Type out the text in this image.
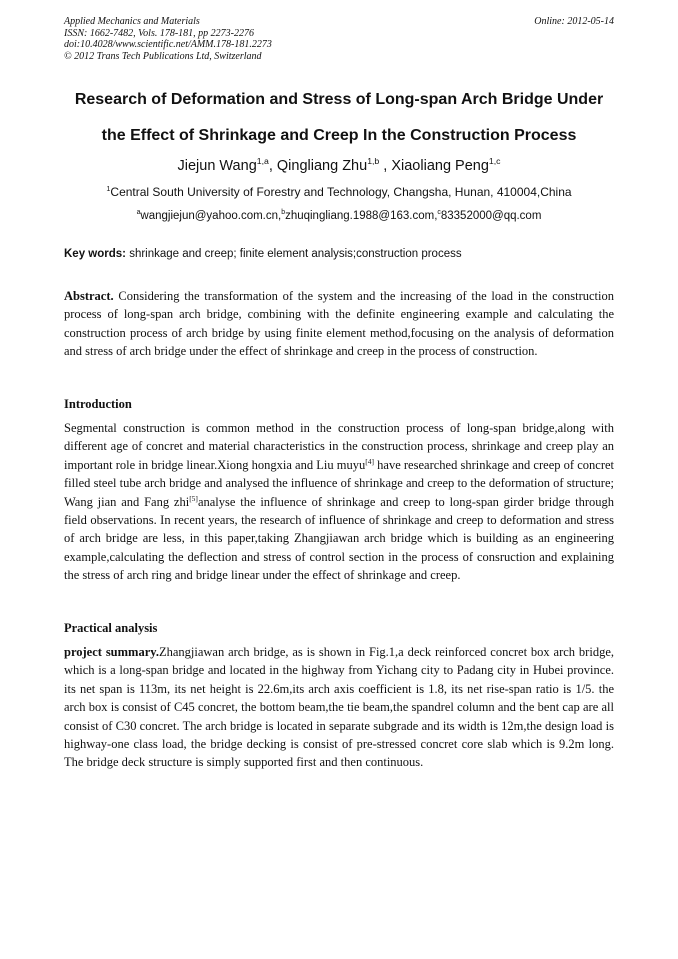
Applied Mechanics and Materials
ISSN: 1662-7482, Vols. 178-181, pp 2273-2276
doi:10.4028/www.scientific.net/AMM.178-181.2273
© 2012 Trans Tech Publications Ltd, Switzerland
Online: 2012-05-14
Research of Deformation and Stress of Long-span Arch Bridge Under
the Effect of Shrinkage and Creep In the Construction Process
Jiejun Wang$^{1,a}$, Qingliang Zhu$^{1,b}$ , Xiaoliang Peng$^{1,c}$
$^1$Central South University of Forestry and Technology, Changsha, Hunan, 410004,China
$^a$wangjiejun@yahoo.com.cn,$^b$zhuqingliang.1988@163.com,$^c$83352000@qq.com
Key words: shrinkage and creep; finite element analysis;construction process

Abstract. Considering the transformation of the system and the increasing of the load in the construction process of long-span arch bridge, combining with the definite engineering example and calculating the construction process of arch bridge by using finite element method,focusing on the analysis of deformation and stress of arch bridge under the effect of shrinkage and creep in the process of construction.

Introduction

Segmental construction is common method in the construction process of long-span bridge,along with different age of concret and material characteristics in the construction process, shrinkage and creep play an important role in bridge linear.Xiong hongxia and Liu muyu[4] have researched shrinkage and creep of concret filled steel tube arch bridge and analysed the influence of shrinkage and creep to the deformation of structure; Wang jian and Fang zhi[5]analyse the influence of shrinkage and creep to long-span girder bridge through field observations. In recent years, the research of influence of shrinkage and creep to deformation and stress of arch bridge are less, in this paper,taking Zhangjiawan arch bridge which is building as an engineering example,calculating the deflection and stress of control section in the process of consruction and explaining the stress of arch ring and bridge linear under the effect of shrinkage and creep.

Practical analysis

project summary.Zhangjiawan arch bridge, as is shown in Fig.1,a deck reinforced concret box arch bridge, which is a long-span bridge and located in the highway from Yichang city to Padang city in Hubei province. its net span is 113m, its net height is 22.6m,its arch axis coefficient is 1.8, its net rise-span ratio is 1/5. the arch box is consist of C45 concret, the bottom beam,the tie beam,the spandrel column and the bent cap are all consist of C30 concret. The arch bridge is located in separate subgrade and its width is 12m,the design load is highway-one class load, the bridge decking is consist of pre-stressed concret core slab which is 9.2m long. The bridge deck structure is simply supported first and then continuous.
